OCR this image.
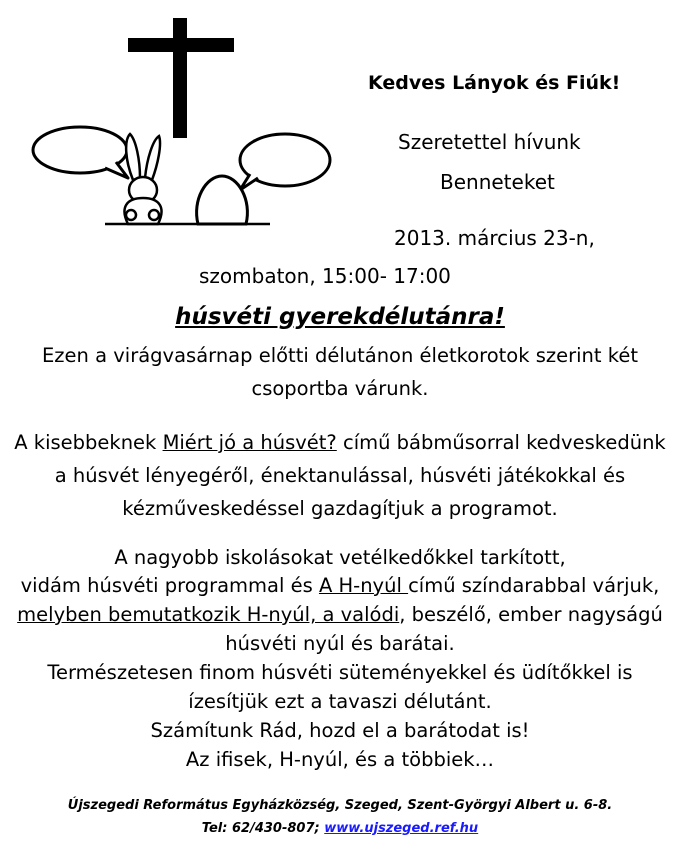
Kedves Lányok és Fiúk!
Szeretettel hívunk
Benneteket
2013. március 23-n,
szombaton, 15:00- 17:00
húsvéti gyerekdélutánra!
Ezen a virágvasárnap előtti délutánon életkorotok szerint két
csoportba várunk.
A kisebbeknek Miért jó a húsvét? című bábműsorral kedveskedünk
a húsvét lényegéről, énektanulással, húsvéti játékokkal és
kézműveskedéssel gazdagítjuk a programot.
A nagyobb iskolásokat vetélkedőkkel tarkított,
vidám húsvéti programmal és A H-nyúl című színdarabbal várjuk,
melyben bemutatkozik H-nyúl, a valódi, beszélő, ember nagyságú
húsvéti nyúl és barátai.
Természetesen finom húsvéti süteményekkel és üdítőkkel is
ízesítjük ezt a tavaszi délutánt.
Számítunk Rád, hozd el a barátodat is!
Az ifisek, H-nyúl, és a többiek…
Újszegedi Református Egyházközség, Szeged, Szent-Györgyi Albert u. 6-8.
Tel: 62/430-807; www.ujszeged.ref.hu
